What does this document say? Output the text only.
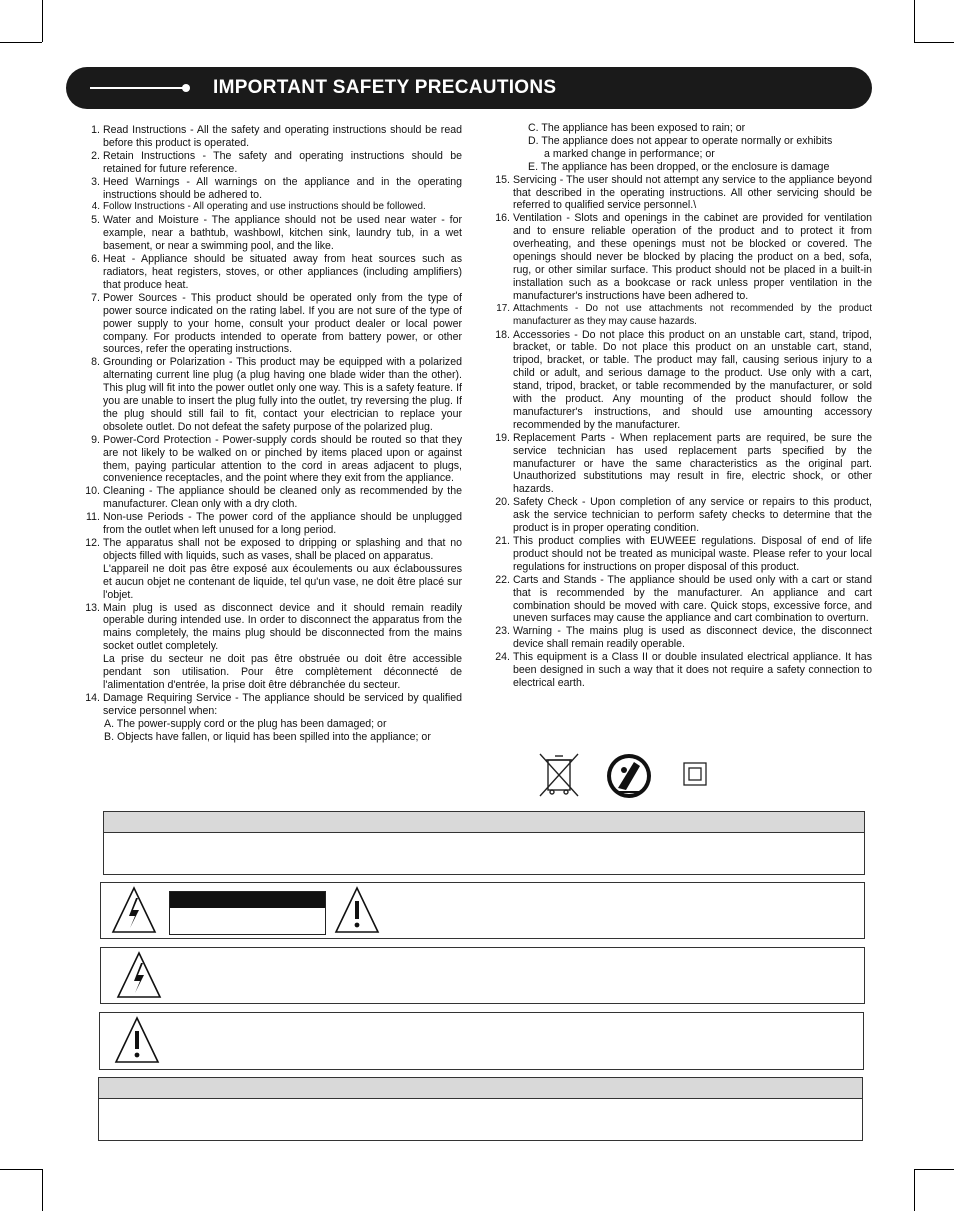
IMPORTANT SAFETY PRECAUTIONS
1. Read Instructions - All the safety and operating instructions should be read before this product is operated.
2. Retain Instructions - The safety and operating instructions should be retained for future reference.
3. Heed Warnings - All warnings on the appliance and in the operating instructions should be adhered to.
4. Follow Instructions - All operating and use instructions should be followed.
5. Water and Moisture - The appliance should not be used near water - for example, near a bathtub, washbowl, kitchen sink, laundry tub, in a wet basement, or near a swimming pool, and the like.
6. Heat - Appliance should be situated away from heat sources such as radiators, heat registers, stoves, or other appliances (including amplifiers) that produce heat.
7. Power Sources - This product should be operated only from the type of power source indicated on the rating label. If you are not sure of the type of power supply to your home, consult your product dealer or local power company. For products intended to operate from battery power, or other sources, refer the operating instructions.
8. Grounding or Polarization - This product may be equipped with a polarized alternating current line plug (a plug having one blade wider than the other). This plug will fit into the power outlet only one way. This is a safety feature. If you are unable to insert the plug fully into the outlet, try reversing the plug. If the plug should still fail to fit, contact your electrician to replace your obsolete outlet. Do not defeat the safety purpose of the polarized plug.
9. Power-Cord Protection - Power-supply cords should be routed so that they are not likely to be walked on or pinched by items placed upon or against them, paying particular attention to the cord in areas adjacent to plugs, convenience receptacles, and the point where they exit from the appliance.
10. Cleaning - The appliance should be cleaned only as recommended by the manufacturer. Clean only with a dry cloth.
11. Non-use Periods - The power cord of the appliance should be unplugged from the outlet when left unused for a long period.
12. The apparatus shall not be exposed to dripping or splashing and that no objects filled with liquids, such as vases, shall be placed on apparatus.
L'appareil ne doit pas être exposé aux écoulements ou aux éclaboussures et aucun objet ne contenant de liquide, tel qu'un vase, ne doit être placé sur l'objet.
13. Main plug is used as disconnect device and it should remain readily operable during intended use. In order to disconnect the apparatus from the mains completely, the mains plug should be disconnected from the mains socket outlet completely.
La prise du secteur ne doit pas être obstruée ou doit être accessible pendant son utilisation. Pour être complètement déconnecté de l'alimentation d'entrée, la prise doit être débranchée du secteur.
14. Damage Requiring Service - The appliance should be serviced by qualified service personnel when:
A. The power-supply cord or the plug has been damaged; or
B. Objects have fallen, or liquid has been spilled into the appliance; or
C. The appliance has been exposed to rain; or
D. The appliance does not appear to operate normally or exhibits
a marked change in performance; or
E. The appliance has been dropped, or the enclosure is damage
15. Servicing - The user should not attempt any service to the appliance beyond that described in the operating instructions. All other servicing should be referred to qualified service personnel.\
16. Ventilation - Slots and openings in the cabinet are provided for ventilation and to ensure reliable operation of the product and to protect it from overheating, and these openings must not be blocked or covered. The openings should never be blocked by placing the product on a bed, sofa, rug, or other similar surface. This product should not be placed in a built-in installation such as a bookcase or rack unless proper ventilation in the manufacturer's instructions have been adhered to.
17. Attachments - Do not use attachments not recommended by the product manufacturer as they may cause hazards.
18. Accessories - Do not place this product on an unstable cart, stand, tripod, bracket, or table. Do not place this product on an unstable cart, stand, tripod, bracket, or table. The product may fall, causing serious injury to a child or adult, and serious damage to the product. Use only with a cart, stand, tripod, bracket, or table recommended by the manufacturer, or sold with the product. Any mounting of the product should follow the manufacturer's instructions, and should use amounting accessory recommended by the manufacturer.
19. Replacement Parts - When replacement parts are required, be sure the service technician has used replacement parts specified by the manufacturer or have the same characteristics as the original part. Unauthorized substitutions may result in fire, electric shock, or other hazards.
20. Safety Check - Upon completion of any service or repairs to this product, ask the service technician to perform safety checks to determine that the product is in proper operating condition.
21. This product complies with EUWEEE regulations. Disposal of end of life product should not be treated as municipal waste. Please refer to your local regulations for instructions on proper disposal of this product.
22. Carts and Stands - The appliance should be used only with a cart or stand that is recommended by the manufacturer. An appliance and cart combination should be moved with care. Quick stops, excessive force, and uneven surfaces may cause the appliance and cart combination to overturn.
23. Warning - The mains plug is used as disconnect device, the disconnect device shall remain readily operable.
24. This equipment is a Class II or double insulated electrical appliance. It has been designed in such a way that it does not require a safety connection to electrical earth.
